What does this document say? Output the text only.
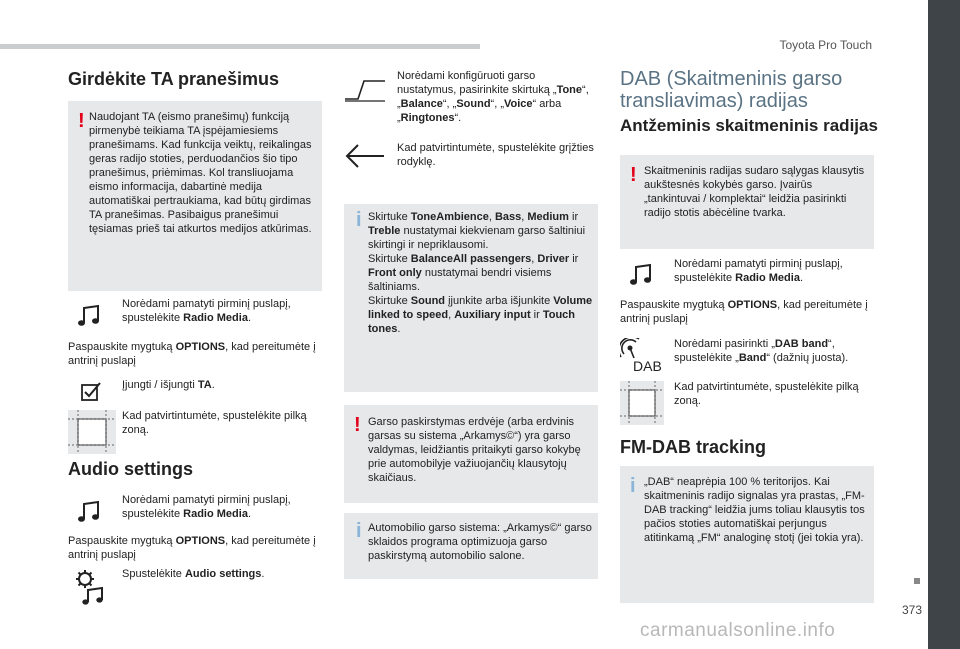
Toyota Pro Touch
373
carmanualsonline.info
Girdėkite TA pranešimus
! Naudojant TA (eismo pranešimų) funkciją pirmenybė teikiama TA įspėjamiesiems pranešimams. Kad funkcija veiktų, reikalingas geras radijo stoties, perduodančios šio tipo pranešimus, priėmimas. Kol transliuojama eismo informacija, dabartinė medija automatiškai pertraukiama, kad būtų girdimas TA pranešimas. Pasibaigus pranešimui tęsiamas prieš tai atkurtos medijos atkūrimas.

Norėdami pamatyti pirminį puslapį, spustelėkite Radio Media.

Paspauskite mygtuką OPTIONS, kad pereitumėte į antrinį puslapį

Įjungti / išjungti TA.

Kad patvirtintumėte, spustelėkite pilką zoną.

Audio settings

Norėdami pamatyti pirminį puslapį, spustelėkite Radio Media.

Paspauskite mygtuką OPTIONS, kad pereitumėte į antrinį puslapį

Spustelėkite Audio settings.

Norėdami konfigūruoti garso nustatymus, pasirinkite skirtuką „Tone“, „Balance“, „Sound“, „Voice“ arba „Ringtones“.

Kad patvirtintumėte, spustelėkite grįžties rodyklę.

i Skirtuke ToneAmbience, Bass, Medium ir Treble nustatymai kiekvienam garso šaltiniui skirtingi ir nepriklausomi.
Skirtuke BalanceAll passengers, Driver ir Front only nustatymai bendri visiems šaltiniams.
Skirtuke Sound įjunkite arba išjunkite Volume linked to speed, Auxiliary input ir Touch tones.

! Garso paskirstymas erdvėje (arba erdvinis garsas su sistema „Arkamys©“) yra garso valdymas, leidžiantis pritaikyti garso kokybę prie automobilyje važiuojančių klausytojų skaičiaus.

i Automobilio garso sistema: „Arkamys©“ garso sklaidos programa optimizuoja garso paskirstymą automobilio salone.

DAB (Skaitmeninis garso transliavimas) radijas
Antžeminis skaitmeninis radijas
! Skaitmeninis radijas sudaro sąlygas klausytis aukštesnės kokybės garso. Įvairūs „tankintuvai / komplektai“ leidžia pasirinkti radijo stotis abėcėline tvarka.

Norėdami pamatyti pirminį puslapį, spustelėkite Radio Media.

Paspauskite mygtuką OPTIONS, kad pereitumėte į antrinį puslapį

DAB

Norėdami pasirinkti „DAB band“, spustelėkite „Band“ (dažnių juosta).

Kad patvirtintumėte, spustelėkite pilką zoną.

FM-DAB tracking
i „DAB“ neaprėpia 100 % teritorijos. Kai skaitmeninis radijo signalas yra prastas, „FM-DAB tracking“ leidžia jums toliau klausytis tos pačios stoties automatiškai perjungus atitinkamą „FM“ analoginę stotį (jei tokia yra).
